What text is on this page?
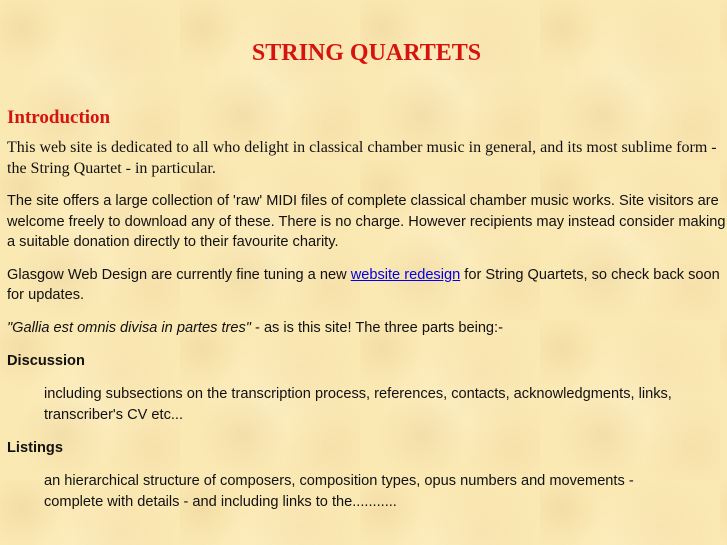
STRING QUARTETS
Introduction

This web site is dedicated to all who delight in classical chamber music in general, and its most sublime form - the String Quartet - in particular.

The site offers a large collection of 'raw' MIDI files of complete classical chamber music works. Site visitors are welcome freely to download any of these. There is no charge. However recipients may instead consider making a suitable donation directly to their favourite charity.

Glasgow Web Design are currently fine tuning a new website redesign for String Quartets, so check back soon for updates.

"Gallia est omnis divisa in partes tres" - as is this site! The three parts being:-

Discussion
including subsections on the transcription process, references, contacts, acknowledgments, links, transcriber's CV etc...
Listings
an hierarchical structure of composers, composition types, opus numbers and movements - complete with details - and including links to the...........
